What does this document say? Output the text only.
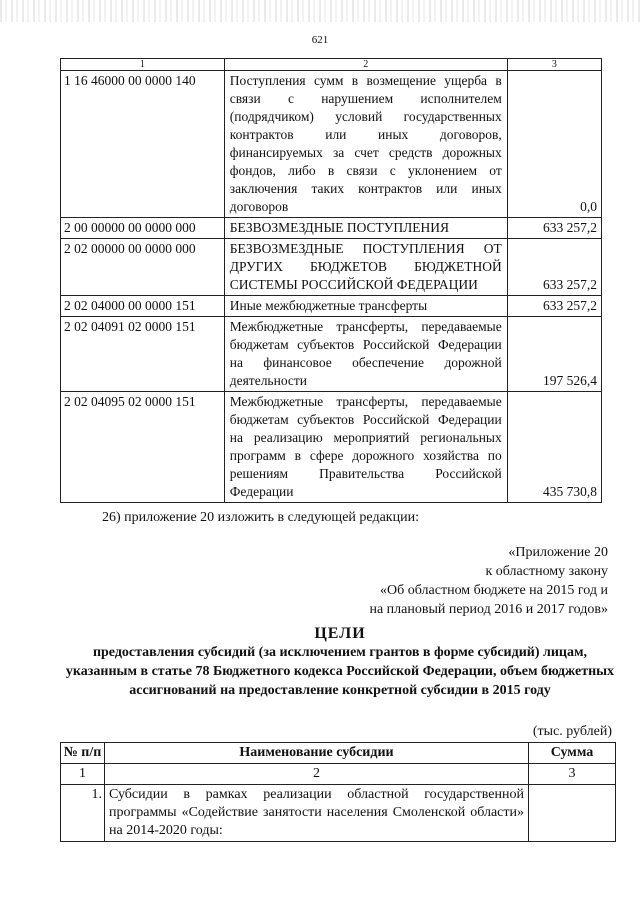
621
1	2	3
1 16 46000 00 0000 140	Поступления сумм в возмещение ущерба в связи с нарушением исполнителем (подрядчиком) условий государственных контрактов или иных договоров, финансируемых за счет средств дорожных фондов, либо в связи с уклонением от заключения таких контрактов или иных договоров	0,0
2 00 00000 00 0000 000	БЕЗВОЗМЕЗДНЫЕ ПОСТУПЛЕНИЯ	633 257,2
2 02 00000 00 0000 000	БЕЗВОЗМЕЗДНЫЕ ПОСТУПЛЕНИЯ ОТ ДРУГИХ БЮДЖЕТОВ БЮДЖЕТНОЙ СИСТЕМЫ РОССИЙСКОЙ ФЕДЕРАЦИИ	633 257,2
2 02 04000 00 0000 151	Иные межбюджетные трансферты	633 257,2
2 02 04091 02 0000 151	Межбюджетные трансферты, передаваемые бюджетам субъектов Российской Федерации на финансовое обеспечение дорожной деятельности	197 526,4
2 02 04095 02 0000 151	Межбюджетные трансферты, передаваемые бюджетам субъектов Российской Федерации на реализацию мероприятий региональных программ в сфере дорожного хозяйства по решениям Правительства Российской Федерации	435 730,8
26) приложение 20 изложить в следующей редакции:
«Приложение 20
к областному закону
«Об областном бюджете на 2015 год и
на плановый период 2016 и 2017 годов»
ЦЕЛИ
предоставления субсидий (за исключением грантов в форме субсидий) лицам, указанным в статье 78 Бюджетного кодекса Российской Федерации, объем бюджетных ассигнований на предоставление конкретной субсидии в 2015 году
(тыс. рублей)
№ п/п	Наименование субсидии	Сумма
1	2	3
1.	Субсидии в рамках реализации областной государственной программы «Содействие занятости населения Смоленской области» на 2014-2020 годы:	
